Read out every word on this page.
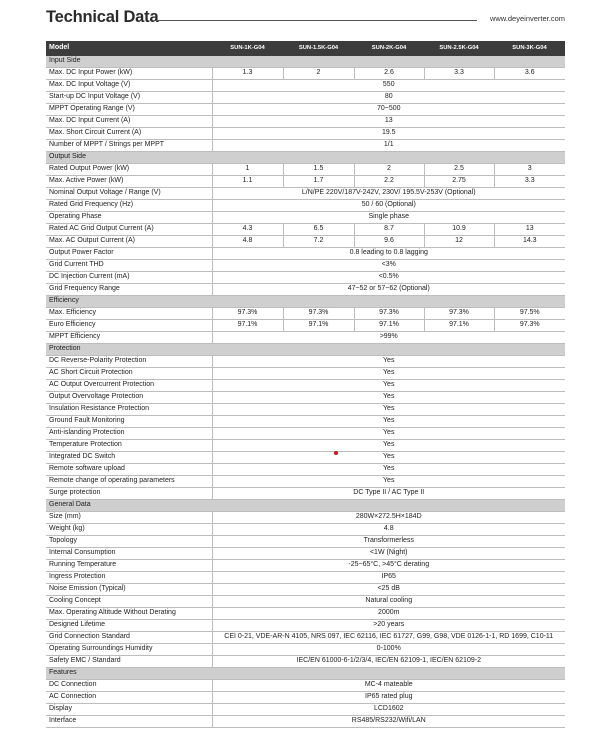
Technical Data	www.deyeinverter.com
Model	SUN-1K-G04	SUN-1.5K-G04	SUN-2K-G04	SUN-2.5K-G04	SUN-3K-G04
Input Side					
Max. DC Input Power (kW)	1.3	2	2.6	3.3	3.6
Max. DC Input Voltage (V)	550				
Start-up DC Input Voltage (V)	80				
MPPT Operating Range (V)	70~500				
Max. DC Input Current (A)	13				
Max. Short Circuit Current (A)	19.5				
Number of MPPT / Strings per MPPT	1/1				
Output Side					
Rated Output Power (kW)	1	1.5	2	2.5	3
Max. Active Power (kW)	1.1	1.7	2.2	2.75	3.3
Nominal Output Voltage / Range (V)	L/N/PE 220V/187V-242V, 230V/ 195.5V-253V (Optional)				
Rated Grid Frequency (Hz)	50 / 60 (Optional)				
Operating Phase	Single phase				
Rated AC Grid Output Current (A)	4.3	6.5	8.7	10.9	13
Max. AC Output Current (A)	4.8	7.2	9.6	12	14.3
Output Power Factor	0.8 leading to 0.8 lagging				
Grid Current THD	<3%				
DC Injection Current (mA)	<0.5%				
Grid Frequency Range	47~52 or 57~62 (Optional)				
Efficiency					
Max. Efficiency	97.3%	97.3%	97.3%	97.3%	97.5%
Euro Efficiency	97.1%	97.1%	97.1%	97.1%	97.3%
MPPT Efficiency	>99%				
Protection					
DC Reverse-Polarity Protection	Yes				
AC Short Circuit Protection	Yes				
AC Output Overcurrent Protection	Yes				
Output Overvoltage Protection	Yes				
Insulation Resistance Protection	Yes				
Ground Fault Monitoring	Yes				
Anti-islanding Protection	Yes				
Temperature Protection	Yes				
Integrated DC Switch	Yes				
Remote software upload	Yes				
Remote change of operating parameters	Yes				
Surge protection	DC Type II / AC Type II				
General Data					
Size (mm)	280W×272.5H×184D				
Weight (kg)	4.8				
Topology	Transformerless				
Internal Consumption	<1W (Night)				
Running Temperature	-25~65°C, >45°C derating				
Ingress Protection	IP65				
Noise Emission (Typical)	<25 dB				
Cooling Concept	Natural cooling				
Max. Operating Altitude Without Derating	2000m				
Designed Lifetime	>20 years				
Grid Connection Standard	CEI 0-21, VDE-AR-N 4105, NRS 097, IEC 62116, IEC 61727, G99, G98, VDE 0126-1-1, RD 1699, C10-11				
Operating Surroundings Humidity	0-100%				
Safety EMC / Standard	IEC/EN 61000-6-1/2/3/4, IEC/EN 62109-1, IEC/EN 62109-2				
Features					
DC Connection	MC-4 mateable				
AC Connection	IP65 rated plug				
Display	LCD1602				
Interface	RS485/RS232/Wifi/LAN				
